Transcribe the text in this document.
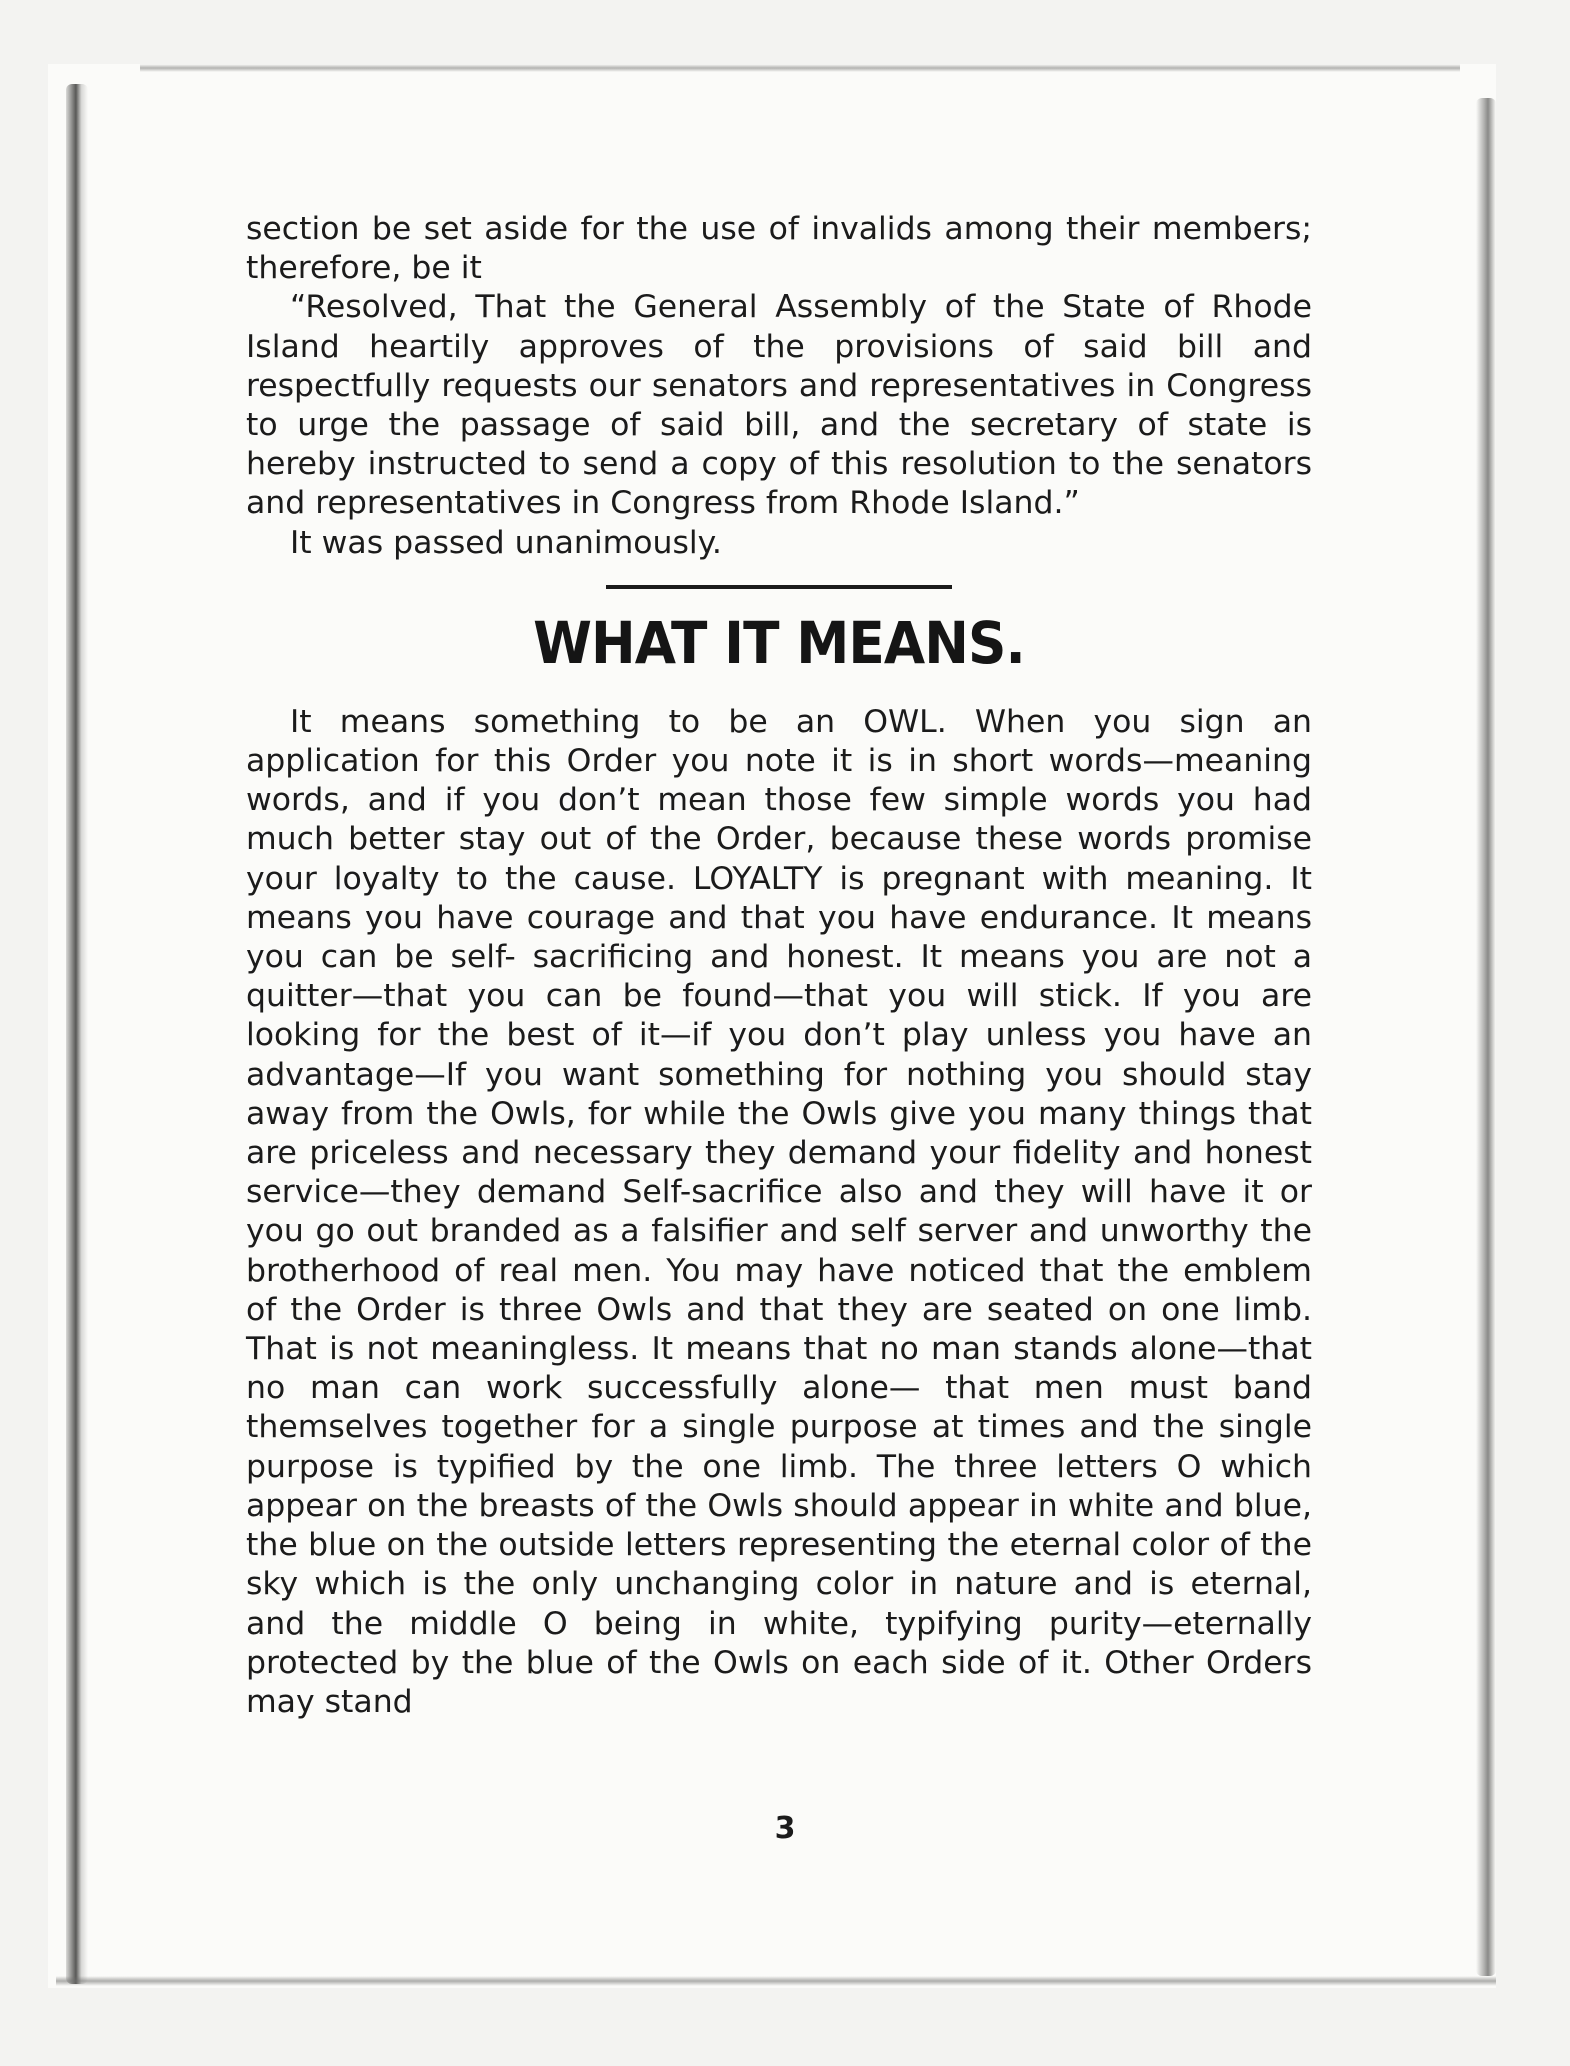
section be set aside for the use of invalids among their members; therefore, be it

“Resolved, That the General Assembly of the State of Rhode Island heartily approves of the provisions of said bill and respectfully requests our senators and representatives in Congress to urge the passage of said bill, and the secretary of state is hereby instructed to send a copy of this resolution to the senators and representatives in Congress from Rhode Island.”

It was passed unanimously.

WHAT IT MEANS.

It means something to be an OWL. When you sign an application for this Order you note it is in short words—meaning words, and if you don’t mean those few simple words you had much better stay out of the Order, because these words promise your loyalty to the cause. LOYALTY is pregnant with meaning. It means you have courage and that you have endurance. It means you can be self- sacrificing and honest. It means you are not a quitter—that you can be found—that you will stick. If you are looking for the best of it—if you don’t play unless you have an advantage—If you want something for nothing you should stay away from the Owls, for while the Owls give you many things that are priceless and necessary they demand your fidelity and honest service—they demand Self-sacrifice also and they will have it or you go out branded as a falsifier and self server and unworthy the brotherhood of real men. You may have noticed that the emblem of the Order is three Owls and that they are seated on one limb. That is not meaningless. It means that no man stands alone—that no man can work successfully alone— that men must band themselves together for a single purpose at times and the single purpose is typified by the one limb. The three letters O which appear on the breasts of the Owls should appear in white and blue, the blue on the outside letters representing the eternal color of the sky which is the only unchanging color in nature and is eternal, and the middle O being in white, typifying purity—eternally protected by the blue of the Owls on each side of it. Other Orders may stand

3
